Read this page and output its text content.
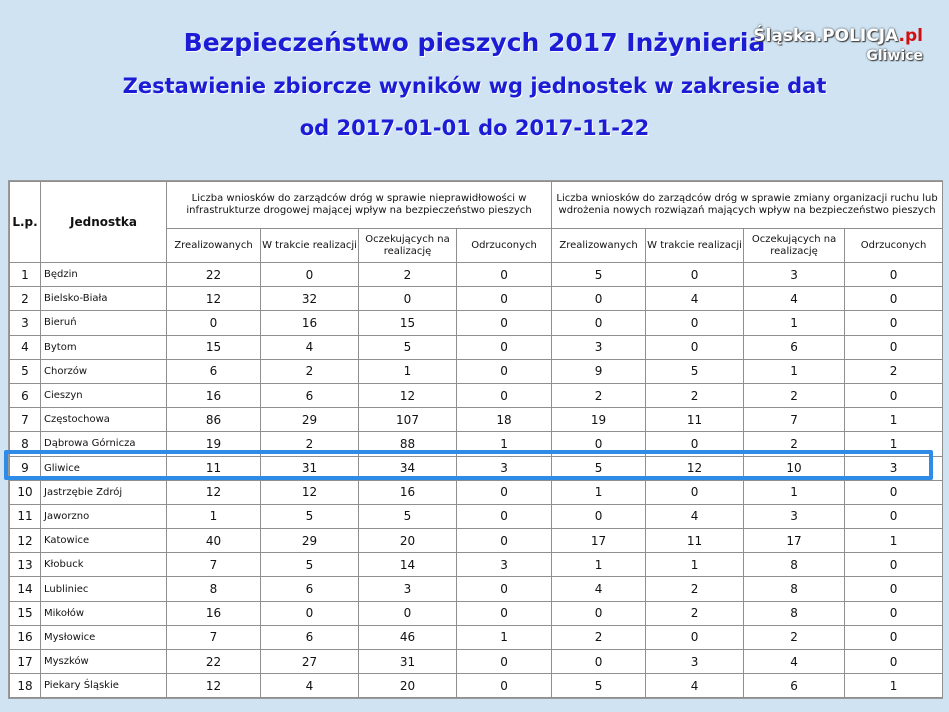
Bezpieczeństwo pieszych 2017 Inżynieria
Zestawienie zbiorcze wyników wg jednostek w zakresie dat
od 2017-01-01 do 2017-11-22
Śląska.POLICJA.pl
Gliwice
L.p.	Jednostka	Liczba wniosków do zarządców dróg w sprawie nieprawidłowości w infrastrukturze drogowej mającej wpływ na bezpieczeństwo pieszych				Liczba wniosków do zarządców dróg w sprawie zmiany organizacji ruchu lub wdrożenia nowych rozwiązań mających wpływ na bezpieczeństwo pieszych			
		Zrealizowanych	W trakcie realizacji	Oczekujących na realizację	Odrzuconych	Zrealizowanych	W trakcie realizacji	Oczekujących na realizację	Odrzuconych
1	Będzin	22	0	2	0	5	0	3	0
2	Bielsko-Biała	12	32	0	0	0	4	4	0
3	Bieruń	0	16	15	0	0	0	1	0
4	Bytom	15	4	5	0	3	0	6	0
5	Chorzów	6	2	1	0	9	5	1	2
6	Cieszyn	16	6	12	0	2	2	2	0
7	Częstochowa	86	29	107	18	19	11	7	1
8	Dąbrowa Górnicza	19	2	88	1	0	0	2	1
9	Gliwice	11	31	34	3	5	12	10	3
10	Jastrzębie Zdrój	12	12	16	0	1	0	1	0
11	Jaworzno	1	5	5	0	0	4	3	0
12	Katowice	40	29	20	0	17	11	17	1
13	Kłobuck	7	5	14	3	1	1	8	0
14	Lubliniec	8	6	3	0	4	2	8	0
15	Mikołów	16	0	0	0	0	2	8	0
16	Mysłowice	7	6	46	1	2	0	2	0
17	Myszków	22	27	31	0	0	3	4	0
18	Piekary Śląskie	12	4	20	0	5	4	6	1
